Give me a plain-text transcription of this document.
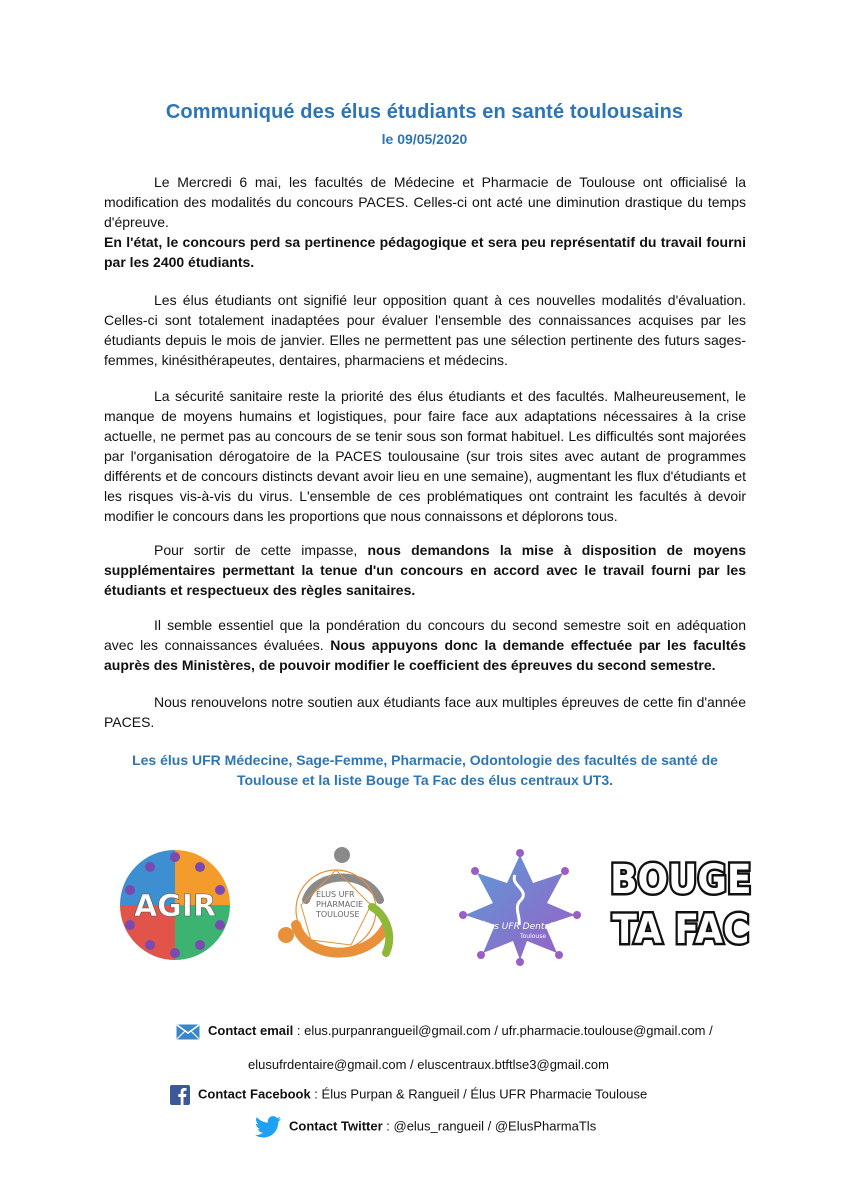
Communiqué des élus étudiants en santé toulousains
le 09/05/2020
Le Mercredi 6 mai, les facultés de Médecine et Pharmacie de Toulouse ont officialisé la modification des modalités du concours PACES. Celles-ci ont acté une diminution drastique du temps d'épreuve.
En l'état, le concours perd sa pertinence pédagogique et sera peu représentatif du travail fourni par les 2400 étudiants.
Les élus étudiants ont signifié leur opposition quant à ces nouvelles modalités d'évaluation. Celles-ci sont totalement inadaptées pour évaluer l'ensemble des connaissances acquises par les étudiants depuis le mois de janvier. Elles ne permettent pas une sélection pertinente des futurs sages-femmes, kinésithérapeutes, dentaires, pharmaciens et médecins.
La sécurité sanitaire reste la priorité des élus étudiants et des facultés. Malheureusement, le manque de moyens humains et logistiques, pour faire face aux adaptations nécessaires à la crise actuelle, ne permet pas au concours de se tenir sous son format habituel. Les difficultés sont majorées par l'organisation dérogatoire de la PACES toulousaine (sur trois sites avec autant de programmes différents et de concours distincts devant avoir lieu en une semaine), augmentant les flux d'étudiants et les risques vis-à-vis du virus. L'ensemble de ces problématiques ont contraint les facultés à devoir modifier le concours dans les proportions que nous connaissons et déplorons tous.
Pour sortir de cette impasse, nous demandons la mise à disposition de moyens supplémentaires permettant la tenue d'un concours en accord avec le travail fourni par les étudiants et respectueux des règles sanitaires.
Il semble essentiel que la pondération du concours du second semestre soit en adéquation avec les connaissances évaluées. Nous appuyons donc la demande effectuée par les facultés auprès des Ministères, de pouvoir modifier le coefficient des épreuves du second semestre.
Nous renouvelons notre soutien aux étudiants face aux multiples épreuves de cette fin d'année PACES.
Les élus UFR Médecine, Sage-Femme, Pharmacie, Odontologie des facultés de santé de Toulouse et la liste Bouge Ta Fac des élus centraux UT3.
AGIR	ÉLUS UFR
PHARMACIE
TOULOUSE
Élus UFR Dentaire
Toulouse
BOUGE
TA FAC
Contact email : elus.purpanrangueil@gmail.com / ufr.pharmacie.toulouse@gmail.com /
elusufrdentaire@gmail.com / eluscentraux.btftlse3@gmail.com
Contact Facebook : Élus Purpan & Rangueil / Élus UFR Pharmacie Toulouse
Contact Twitter : @elus_rangueil / @ElusPharmaTls
